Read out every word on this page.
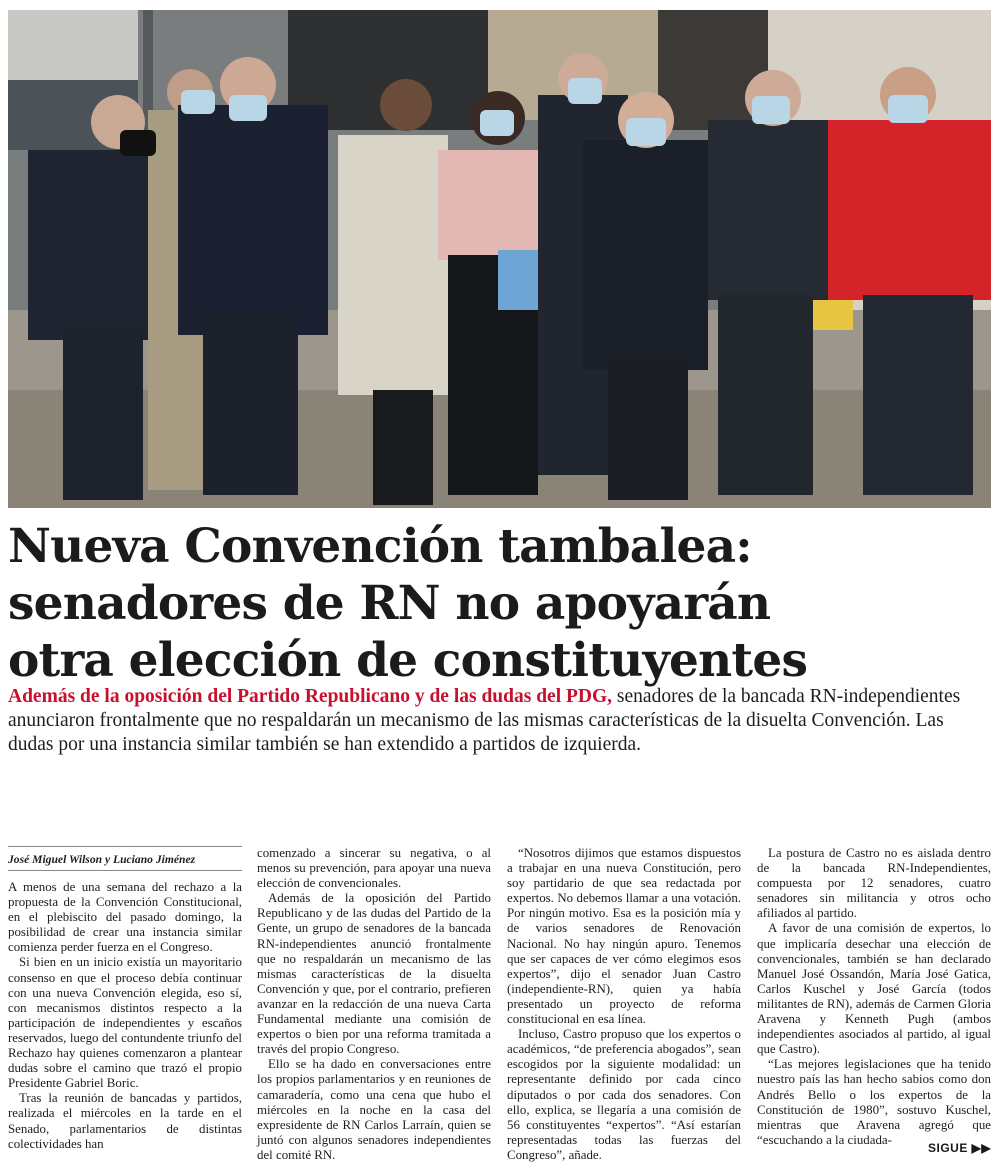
Nueva Convención tambalea:
senadores de RN no apoyarán
otra elección de constituyentes

Además de la oposición del Partido Republicano y de las dudas del PDG, senadores de la bancada RN-independientes anunciaron frontalmente que no respaldarán un mecanismo de las mismas características de la disuelta Convención. Las dudas por una instancia similar también se han extendido a partidos de izquierda.

José Miguel Wilson y Luciano Jiménez

A menos de una semana del rechazo a la propuesta de la Convención Constitucional, en el plebiscito del pasado domingo, la posibilidad de crear una instancia similar comienza perder fuerza en el Congreso.

Si bien en un inicio existía un mayoritario consenso en que el proceso debía continuar con una nueva Convención elegida, eso sí, con mecanismos distintos respecto a la participación de independientes y escaños reservados, luego del contundente triunfo del Rechazo hay quienes comenzaron a plantear dudas sobre el camino que trazó el propio Presidente Gabriel Boric.

Tras la reunión de bancadas y partidos, realizada el miércoles en la tarde en el Senado, parlamentarios de distintas colectividades han

comenzado a sincerar su negativa, o al menos su prevención, para apoyar una nueva elección de convencionales.

Además de la oposición del Partido Republicano y de las dudas del Partido de la Gente, un grupo de senadores de la bancada RN-independientes anunció frontalmente que no respaldarán un mecanismo de las mismas características de la disuelta Convención y que, por el contrario, prefieren avanzar en la redacción de una nueva Carta Fundamental mediante una comisión de expertos o bien por una reforma tramitada a través del propio Congreso.

Ello se ha dado en conversaciones entre los propios parlamentarios y en reuniones de camaradería, como una cena que hubo el miércoles en la noche en la casa del expresidente de RN Carlos Larraín, quien se juntó con algunos senadores independientes del comité RN.

“Nosotros dijimos que estamos dispuestos a trabajar en una nueva Constitución, pero soy partidario de que sea redactada por expertos. No debemos llamar a una votación. Por ningún motivo. Esa es la posición mía y de varios senadores de Renovación Nacional. No hay ningún apuro. Tenemos que ser capaces de ver cómo elegimos esos expertos”, dijo el senador Juan Castro (independiente-RN), quien ya había presentado un proyecto de reforma constitucional en esa línea.

Incluso, Castro propuso que los expertos o académicos, “de preferencia abogados”, sean escogidos por la siguiente modalidad: un representante definido por cada cinco diputados o por cada dos senadores. Con ello, explica, se llegaría a una comisión de 56 constituyentes “expertos”. “Así estarían representadas todas las fuerzas del Congreso”, añade.

La postura de Castro no es aislada dentro de la bancada RN-Independientes, compuesta por 12 senadores, cuatro senadores sin militancia y otros ocho afiliados al partido.

A favor de una comisión de expertos, lo que implicaría desechar una elección de convencionales, también se han declarado Manuel José Ossandón, María José Gatica, Carlos Kuschel y José García (todos militantes de RN), además de Carmen Gloria Aravena y Kenneth Pugh (ambos independientes asociados al partido, al igual que Castro).

“Las mejores legislaciones que ha tenido nuestro país las han hecho sabios como don Andrés Bello o los expertos de la Constitución de 1980”, sostuvo Kuschel, mientras que Aravena agregó que “escuchando a la ciudada-

SIGUE ▶▶
